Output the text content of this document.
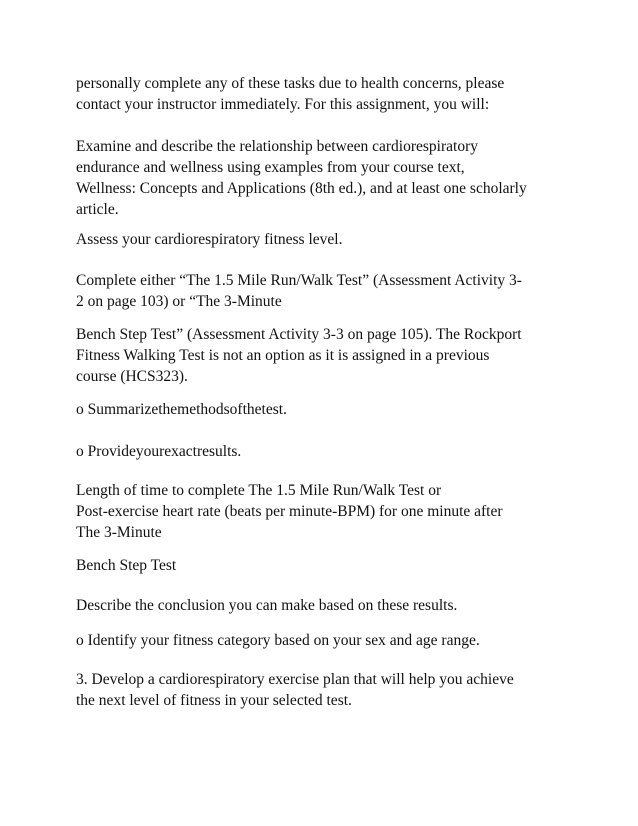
personally complete any of these tasks due to health concerns, please
contact your instructor immediately. For this assignment, you will:
Examine and describe the relationship between cardiorespiratory
endurance and wellness using examples from your course text,
Wellness: Concepts and Applications (8th ed.), and at least one scholarly
article.
Assess your cardiorespiratory fitness level.
Complete either “The 1.5 Mile Run/Walk Test” (Assessment Activity 3-
2 on page 103) or “The 3-Minute
Bench Step Test” (Assessment Activity 3-3 on page 105). The Rockport
Fitness Walking Test is not an option as it is assigned in a previous
course (HCS323).
o Summarizethemethodsofthetest.
o Provideyourexactresults.
Length of time to complete The 1.5 Mile Run/Walk Test or
Post-exercise heart rate (beats per minute-BPM) for one minute after
The 3-Minute
Bench Step Test
Describe the conclusion you can make based on these results.
o Identify your fitness category based on your sex and age range.
3. Develop a cardiorespiratory exercise plan that will help you achieve
the next level of fitness in your selected test.
